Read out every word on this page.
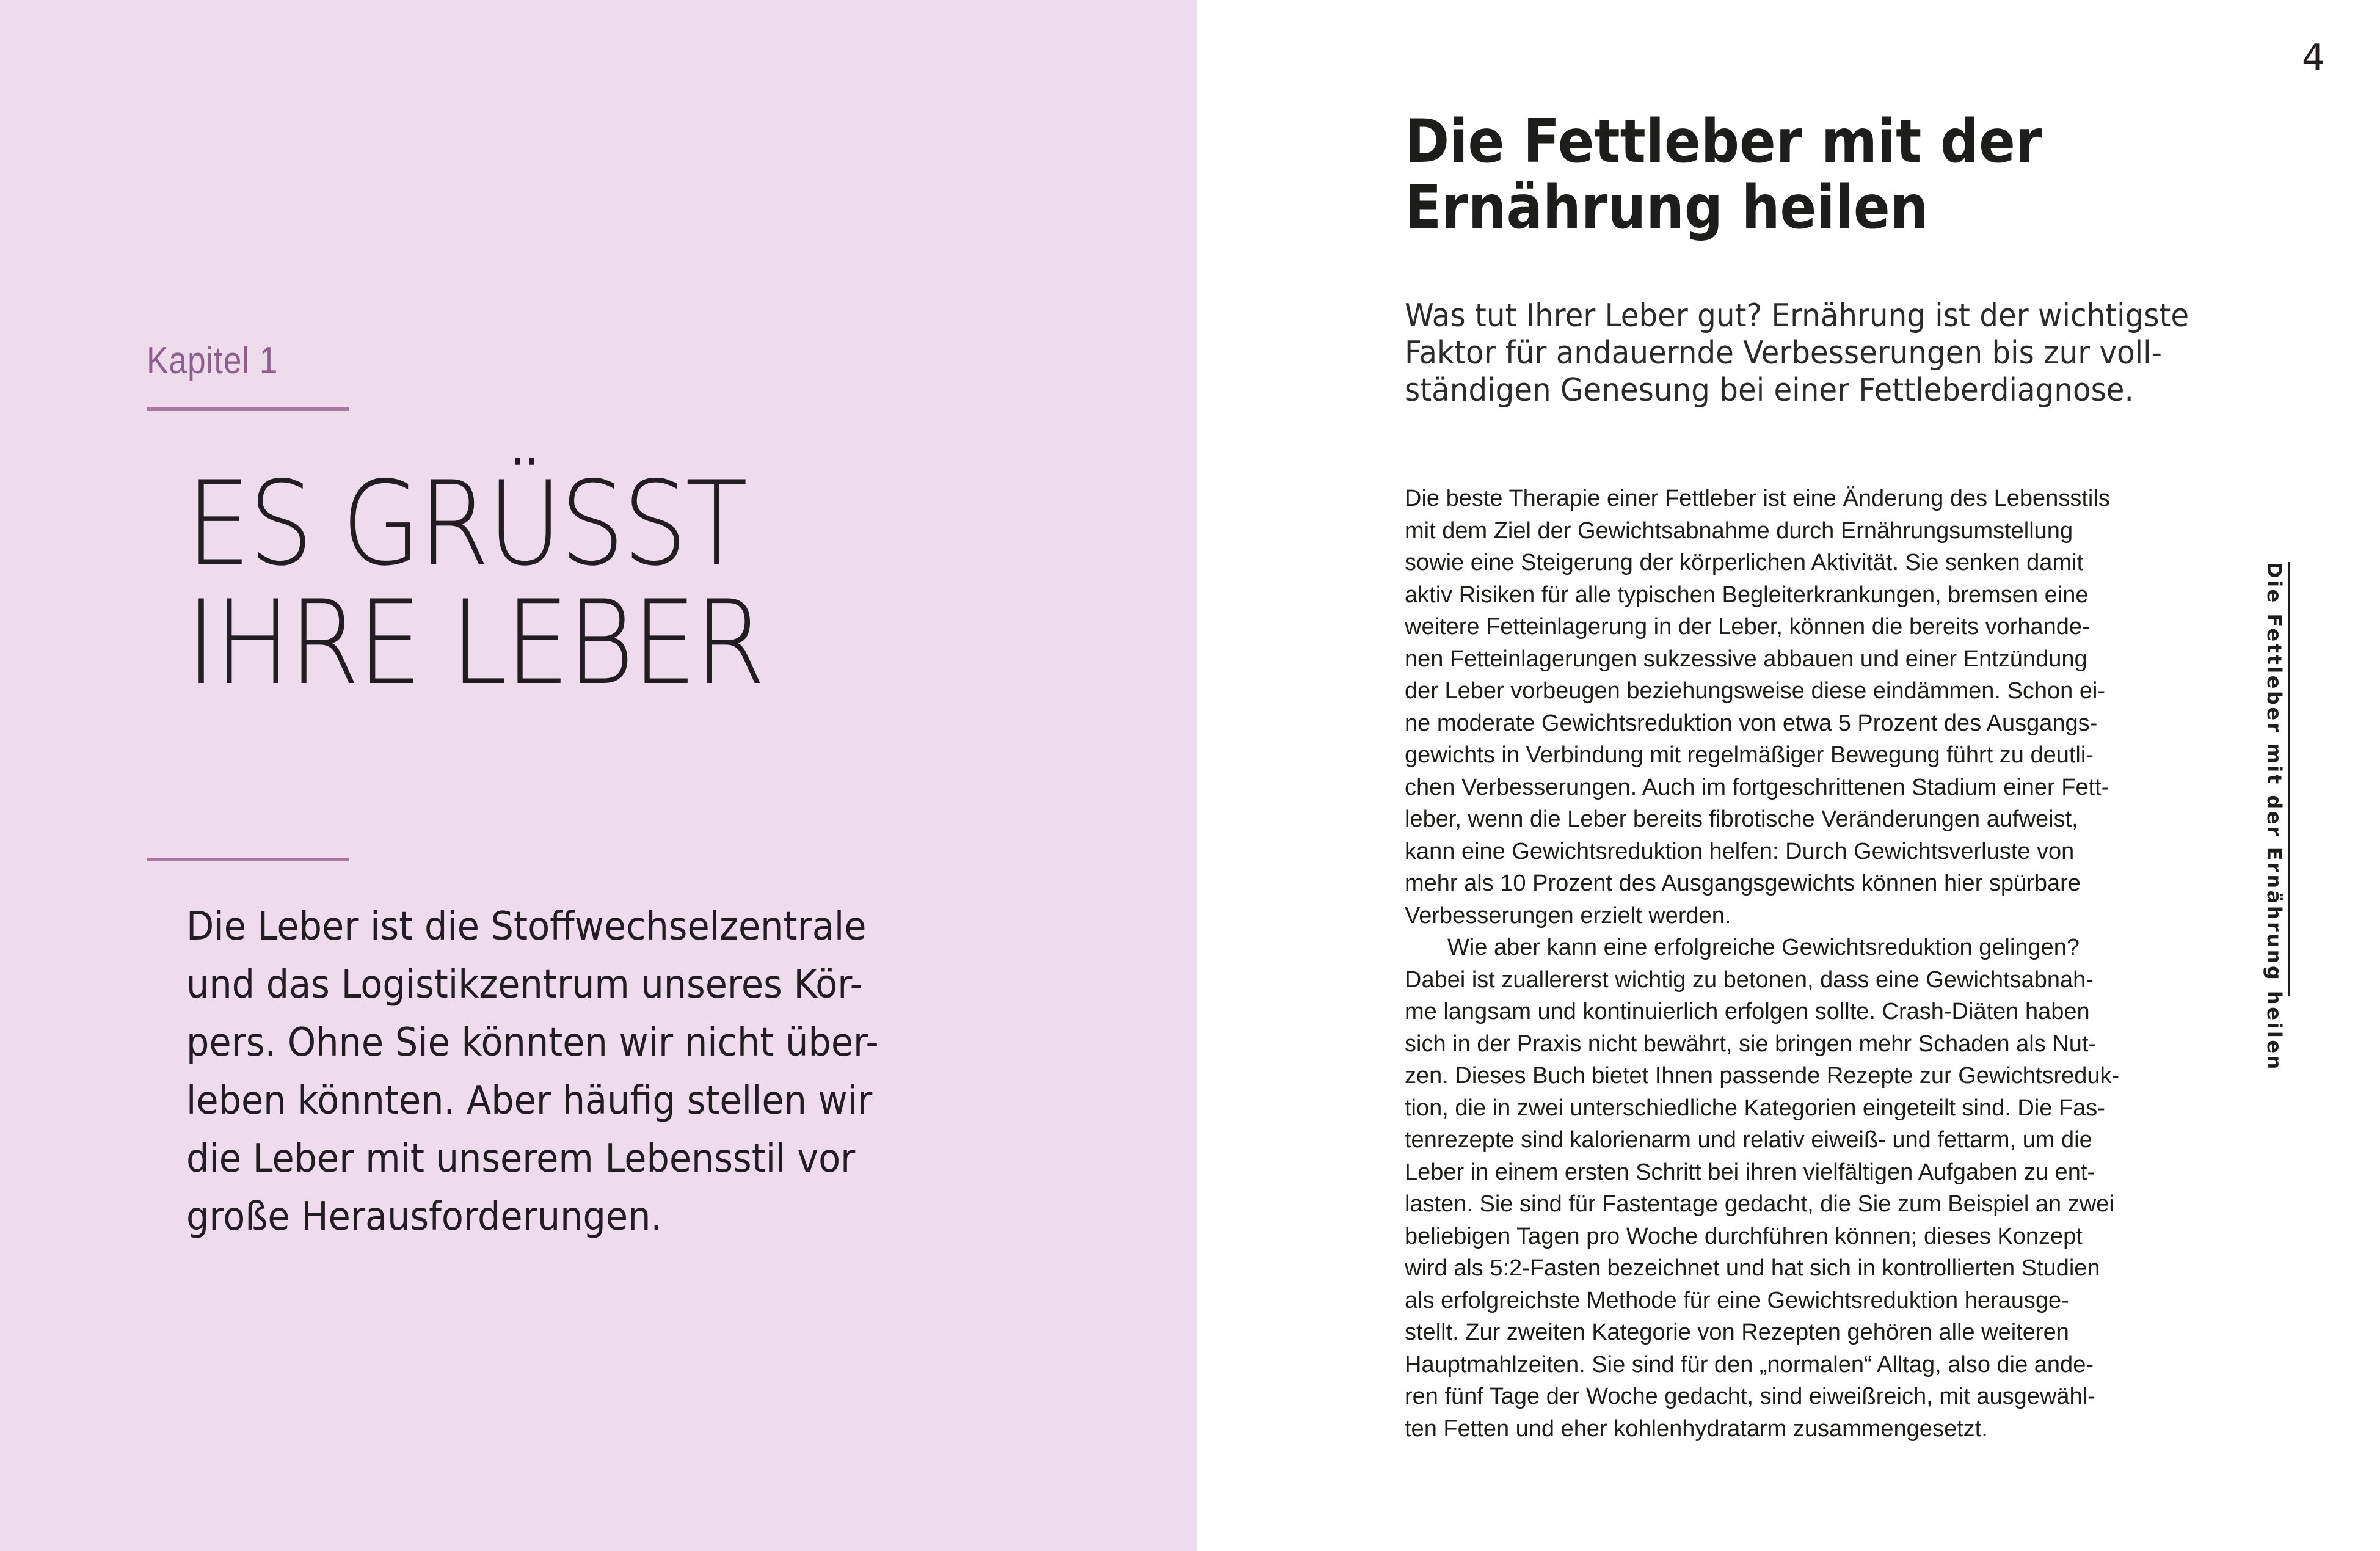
Kapitel 1
ES GRÜSST
IHRE LEBER
Die Leber ist die Stoffwechselzentrale
und das Logistikzentrum unseres Kör-
pers. Ohne Sie könnten wir nicht über-
leben könnten. Aber häufig stellen wir
die Leber mit unserem Lebensstil vor
große Herausforderungen.
4
Die Fettleber mit der
Ernährung heilen
Was tut Ihrer Leber gut? Ernährung ist der wichtigste
Faktor für andauernde Verbesserungen bis zur voll-
ständigen Genesung bei einer Fettleberdiagnose.
Die beste Therapie einer Fettleber ist eine Änderung des Lebensstils
mit dem Ziel der Gewichtsabnahme durch Ernährungsumstellung
sowie eine Steigerung der körperlichen Aktivität. Sie senken damit
aktiv Risiken für alle typischen Begleiterkrankungen, bremsen eine
weitere Fetteinlagerung in der Leber, können die bereits vorhande-
nen Fetteinlagerungen sukzessive abbauen und einer Entzündung
der Leber vorbeugen beziehungsweise diese eindämmen. Schon ei-
ne moderate Gewichtsreduktion von etwa 5 Prozent des Ausgangs-
gewichts in Verbindung mit regelmäßiger Bewegung führt zu deutli-
chen Verbesserungen. Auch im fortgeschrittenen Stadium einer Fett-
leber, wenn die Leber bereits fibrotische Veränderungen aufweist,
kann eine Gewichtsreduktion helfen: Durch Gewichtsverluste von
mehr als 10 Prozent des Ausgangsgewichts können hier spürbare
Verbesserungen erzielt werden.
Wie aber kann eine erfolgreiche Gewichtsreduktion gelingen?
Dabei ist zuallererst wichtig zu betonen, dass eine Gewichtsabnah-
me langsam und kontinuierlich erfolgen sollte. Crash-Diäten haben
sich in der Praxis nicht bewährt, sie bringen mehr Schaden als Nut-
zen. Dieses Buch bietet Ihnen passende Rezepte zur Gewichtsreduk-
tion, die in zwei unterschiedliche Kategorien eingeteilt sind. Die Fas-
tenrezepte sind kalorienarm und relativ eiweiß- und fettarm, um die
Leber in einem ersten Schritt bei ihren vielfältigen Aufgaben zu ent-
lasten. Sie sind für Fastentage gedacht, die Sie zum Beispiel an zwei
beliebigen Tagen pro Woche durchführen können; dieses Konzept
wird als 5:2-Fasten bezeichnet und hat sich in kontrollierten Studien
als erfolgreichste Methode für eine Gewichtsreduktion herausge-
stellt. Zur zweiten Kategorie von Rezepten gehören alle weiteren
Hauptmahlzeiten. Sie sind für den „normalen“ Alltag, also die ande-
ren fünf Tage der Woche gedacht, sind eiweißreich, mit ausgewähl-
ten Fetten und eher kohlenhydratarm zusammengesetzt.
Die Fettleber mit der Ernährung heilen
